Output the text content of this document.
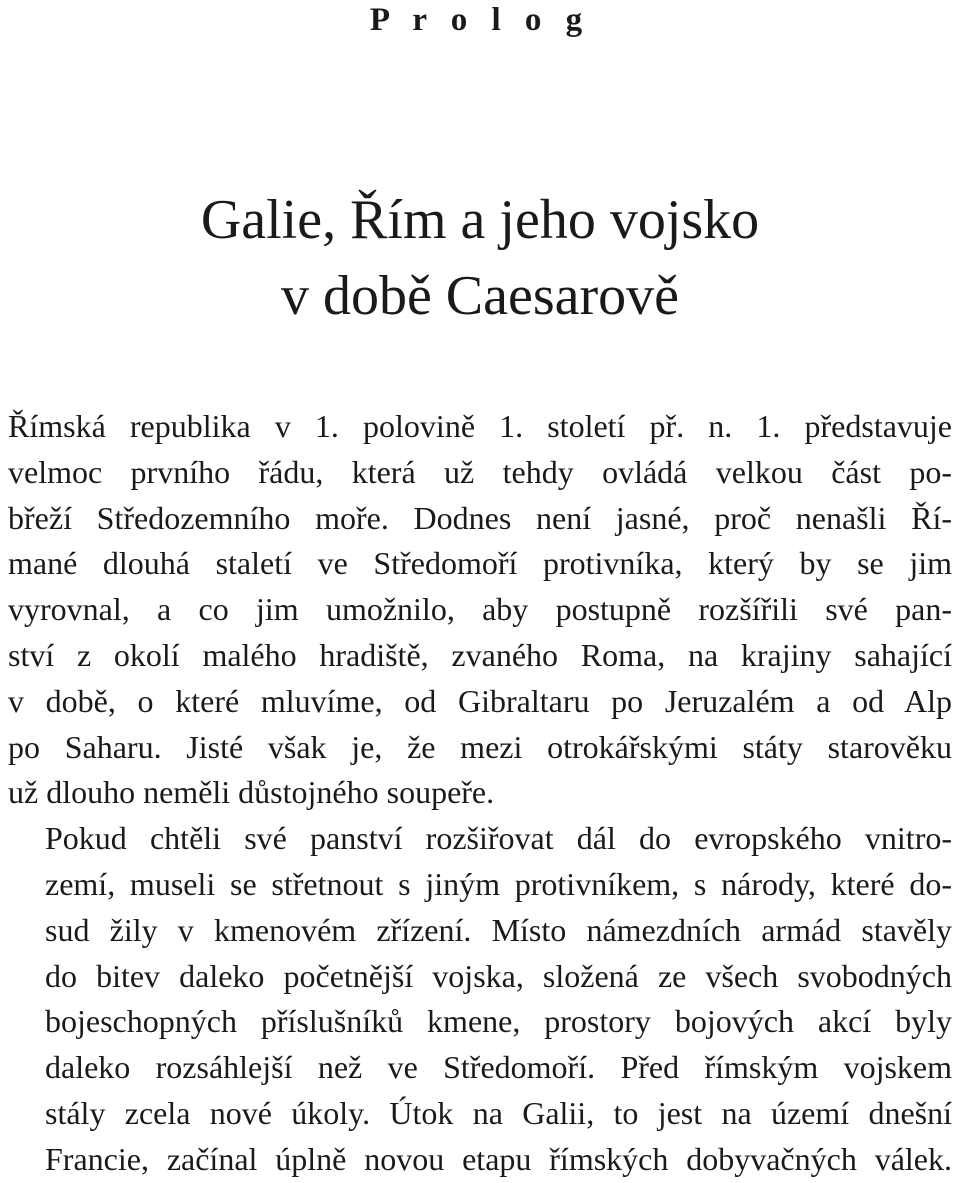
P r o l o g
Galie, Řím a jeho vojsko
v době Caesarově

Římská republika v 1. polovině 1. století př. n. 1. představuje
velmoc prvního řádu, která už tehdy ovládá velkou část po-
břeží Středozemního moře. Dodnes není jasné, proč nenašli Ří-
mané dlouhá staletí ve Středomoří protivníka, který by se jim
vyrovnal, a co jim umožnilo, aby postupně rozšířili své pan-
ství z okolí malého hradiště, zvaného Roma, na krajiny sahající
v době, o které mluvíme, od Gibraltaru po Jeruzalém a od Alp
po Saharu. Jisté však je, že mezi otrokářskými státy starověku
už dlouho neměli důstojného soupeře.

Pokud chtěli své panství rozšiřovat dál do evropského vnitro-
zemí, museli se střetnout s jiným protivníkem, s národy, které do-
sud žily v kmenovém zřízení. Místo námezdních armád stavěly
do bitev daleko početnější vojska, složená ze všech svobodných
bojeschopných příslušníků kmene, prostory bojových akcí byly
daleko rozsáhlejší než ve Středomoří. Před římským vojskem
stály zcela nové úkoly. Útok na Galii, to jest na území dnešní
Francie, začínal úplně novou etapu římských dobyvačných válek.
